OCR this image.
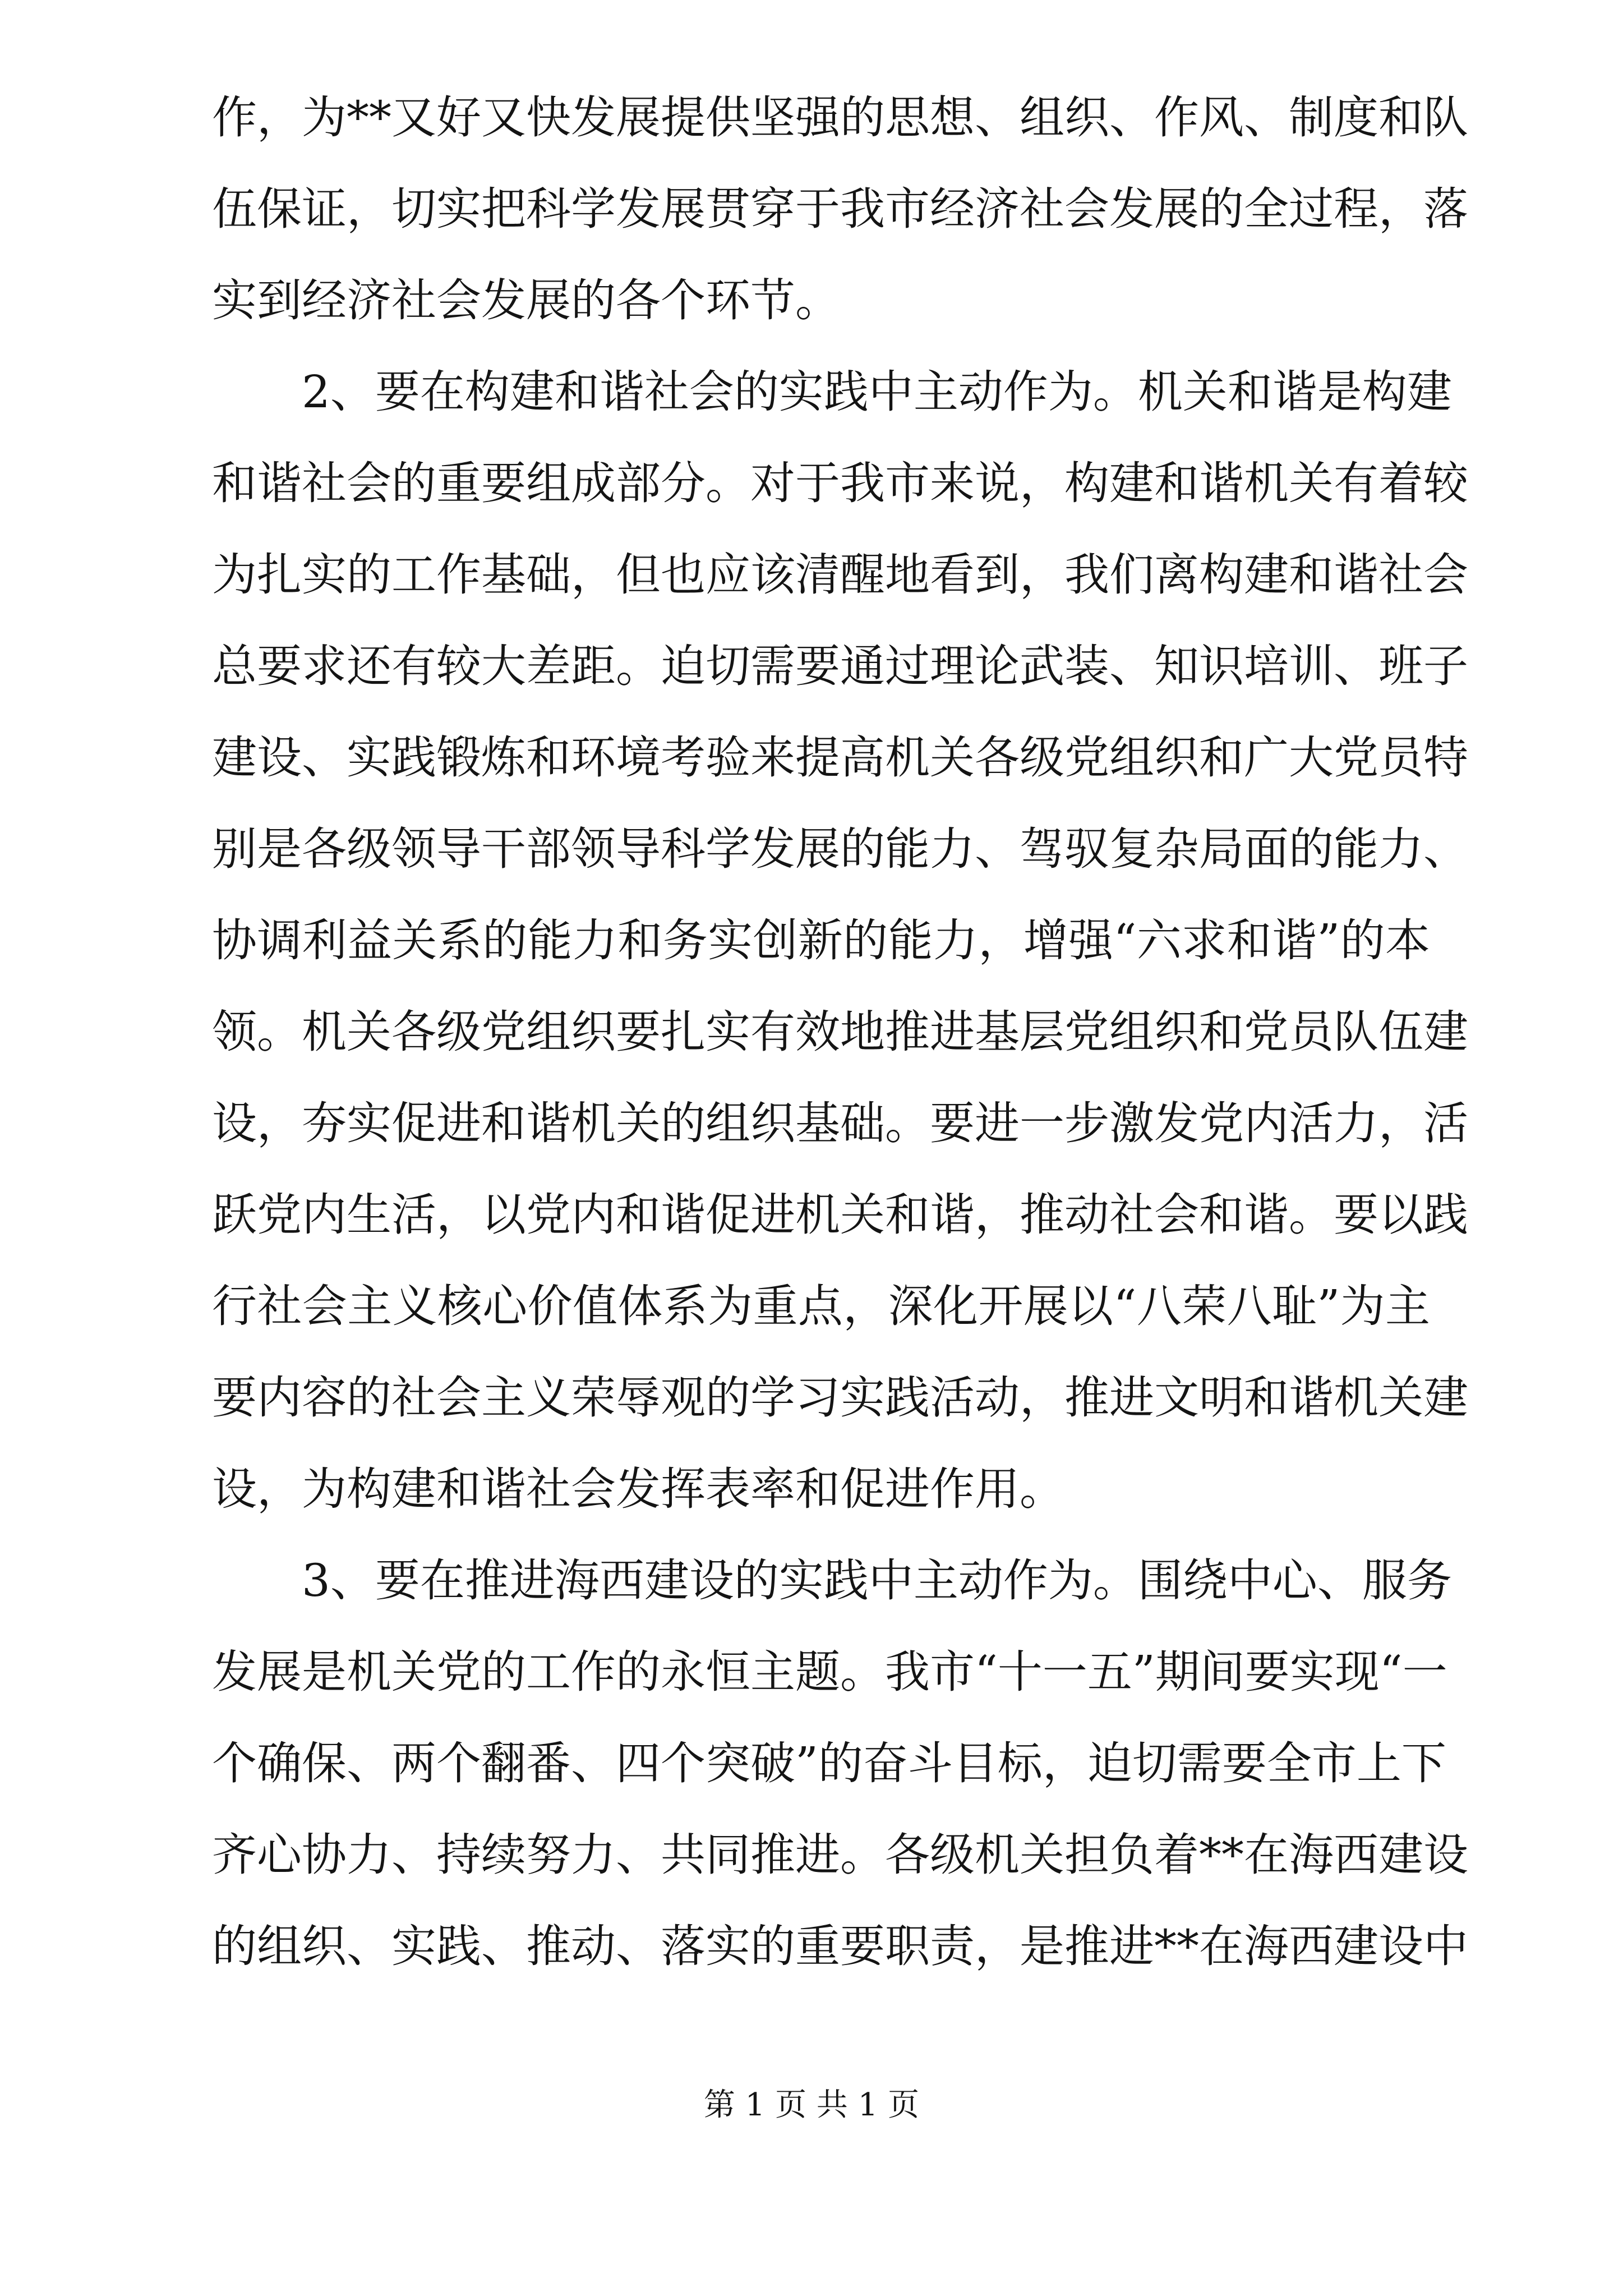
作，为**又好又快发展提供坚强的思想、组织、作风、制度和队
伍保证，切实把科学发展贯穿于我市经济社会发展的全过程，落
实到经济社会发展的各个环节。
2、要在构建和谐社会的实践中主动作为。机关和谐是构建
和谐社会的重要组成部分。对于我市来说，构建和谐机关有着较
为扎实的工作基础，但也应该清醒地看到，我们离构建和谐社会
总要求还有较大差距。迫切需要通过理论武装、知识培训、班子
建设、实践锻炼和环境考验来提高机关各级党组织和广大党员特
别是各级领导干部领导科学发展的能力、驾驭复杂局面的能力、
协调利益关系的能力和务实创新的能力，增强“六求和谐”的本
领。机关各级党组织要扎实有效地推进基层党组织和党员队伍建
设，夯实促进和谐机关的组织基础。要进一步激发党内活力，活
跃党内生活，以党内和谐促进机关和谐，推动社会和谐。要以践
行社会主义核心价值体系为重点，深化开展以“八荣八耻”为主
要内容的社会主义荣辱观的学习实践活动，推进文明和谐机关建
设，为构建和谐社会发挥表率和促进作用。
3、要在推进海西建设的实践中主动作为。围绕中心、服务
发展是机关党的工作的永恒主题。我市“十一五”期间要实现“一
个确保、两个翻番、四个突破”的奋斗目标，迫切需要全市上下
齐心协力、持续努力、共同推进。各级机关担负着**在海西建设
的组织、实践、推动、落实的重要职责，是推进**在海西建设中
第 1 页 共 1 页
